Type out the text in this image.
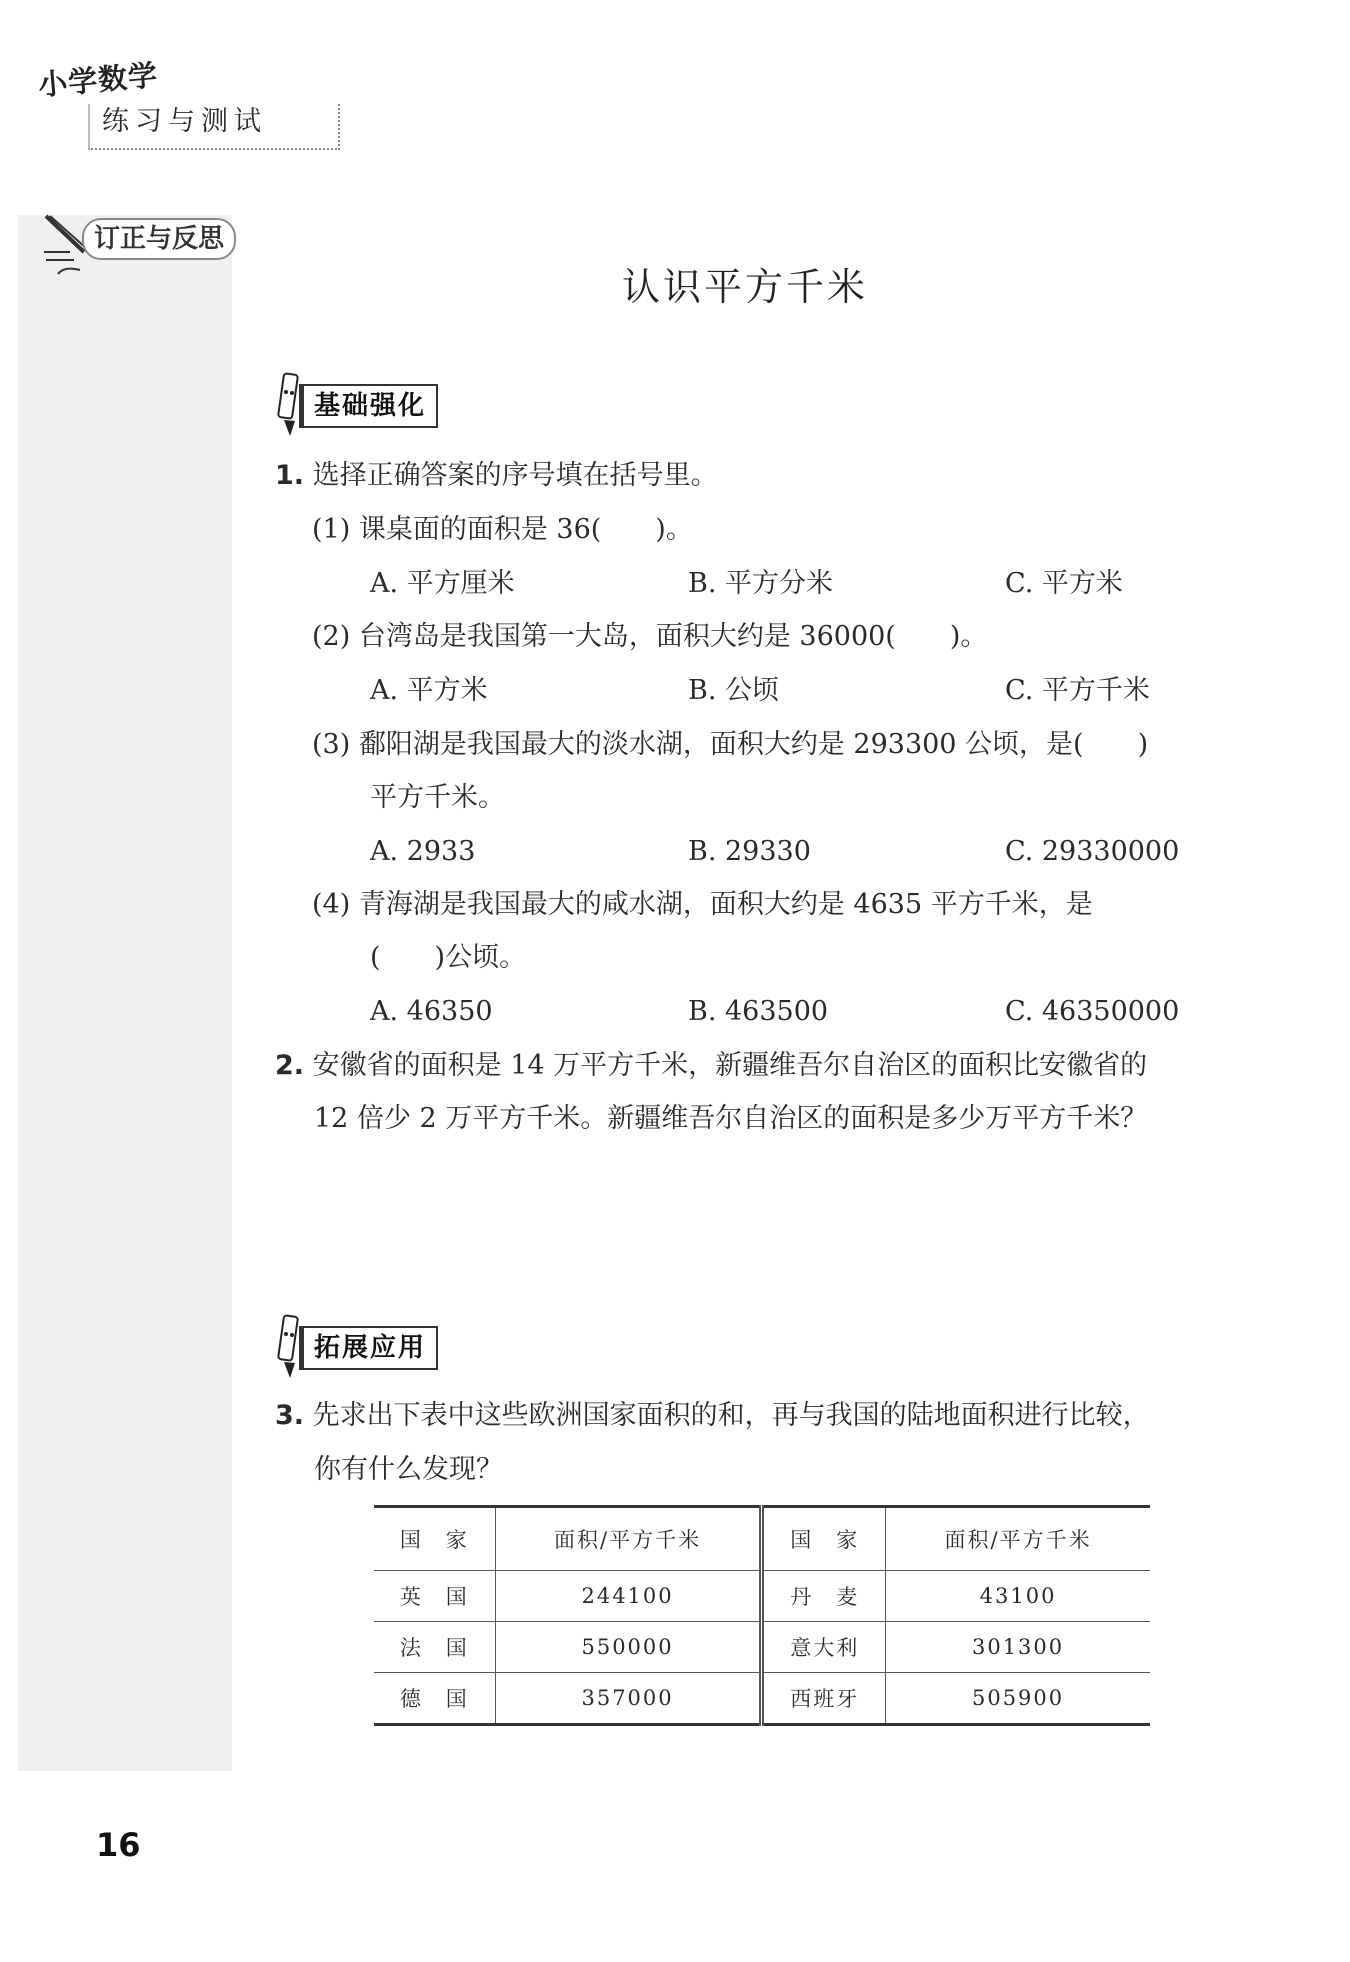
小学数学
练习与测试
订正与反思
认识平方千米
基础强化
1. 选择正确答案的序号填在括号里。
(1) 课桌面的面积是 36(　　)。
A. 平方厘米	B. 平方分米	C. 平方米
(2) 台湾岛是我国第一大岛，面积大约是 36000(　　)。
A. 平方米	B. 公顷	C. 平方千米
(3) 鄱阳湖是我国最大的淡水湖，面积大约是 293300 公顷，是(　　)
平方千米。
A. 2933	B. 29330	C. 29330000
(4) 青海湖是我国最大的咸水湖，面积大约是 4635 平方千米，是
(　　)公顷。
A. 46350	B. 463500	C. 46350000
2. 安徽省的面积是 14 万平方千米，新疆维吾尔自治区的面积比安徽省的
12 倍少 2 万平方千米。新疆维吾尔自治区的面积是多少万平方千米？
拓展应用
3. 先求出下表中这些欧洲国家面积的和，再与我国的陆地面积进行比较，
你有什么发现？
国　家	面积/平方千米	国　家	面积/平方千米
英　国	244100	丹　麦	43100
法　国	550000	意大利	301300
德　国	357000	西班牙	505900
16
